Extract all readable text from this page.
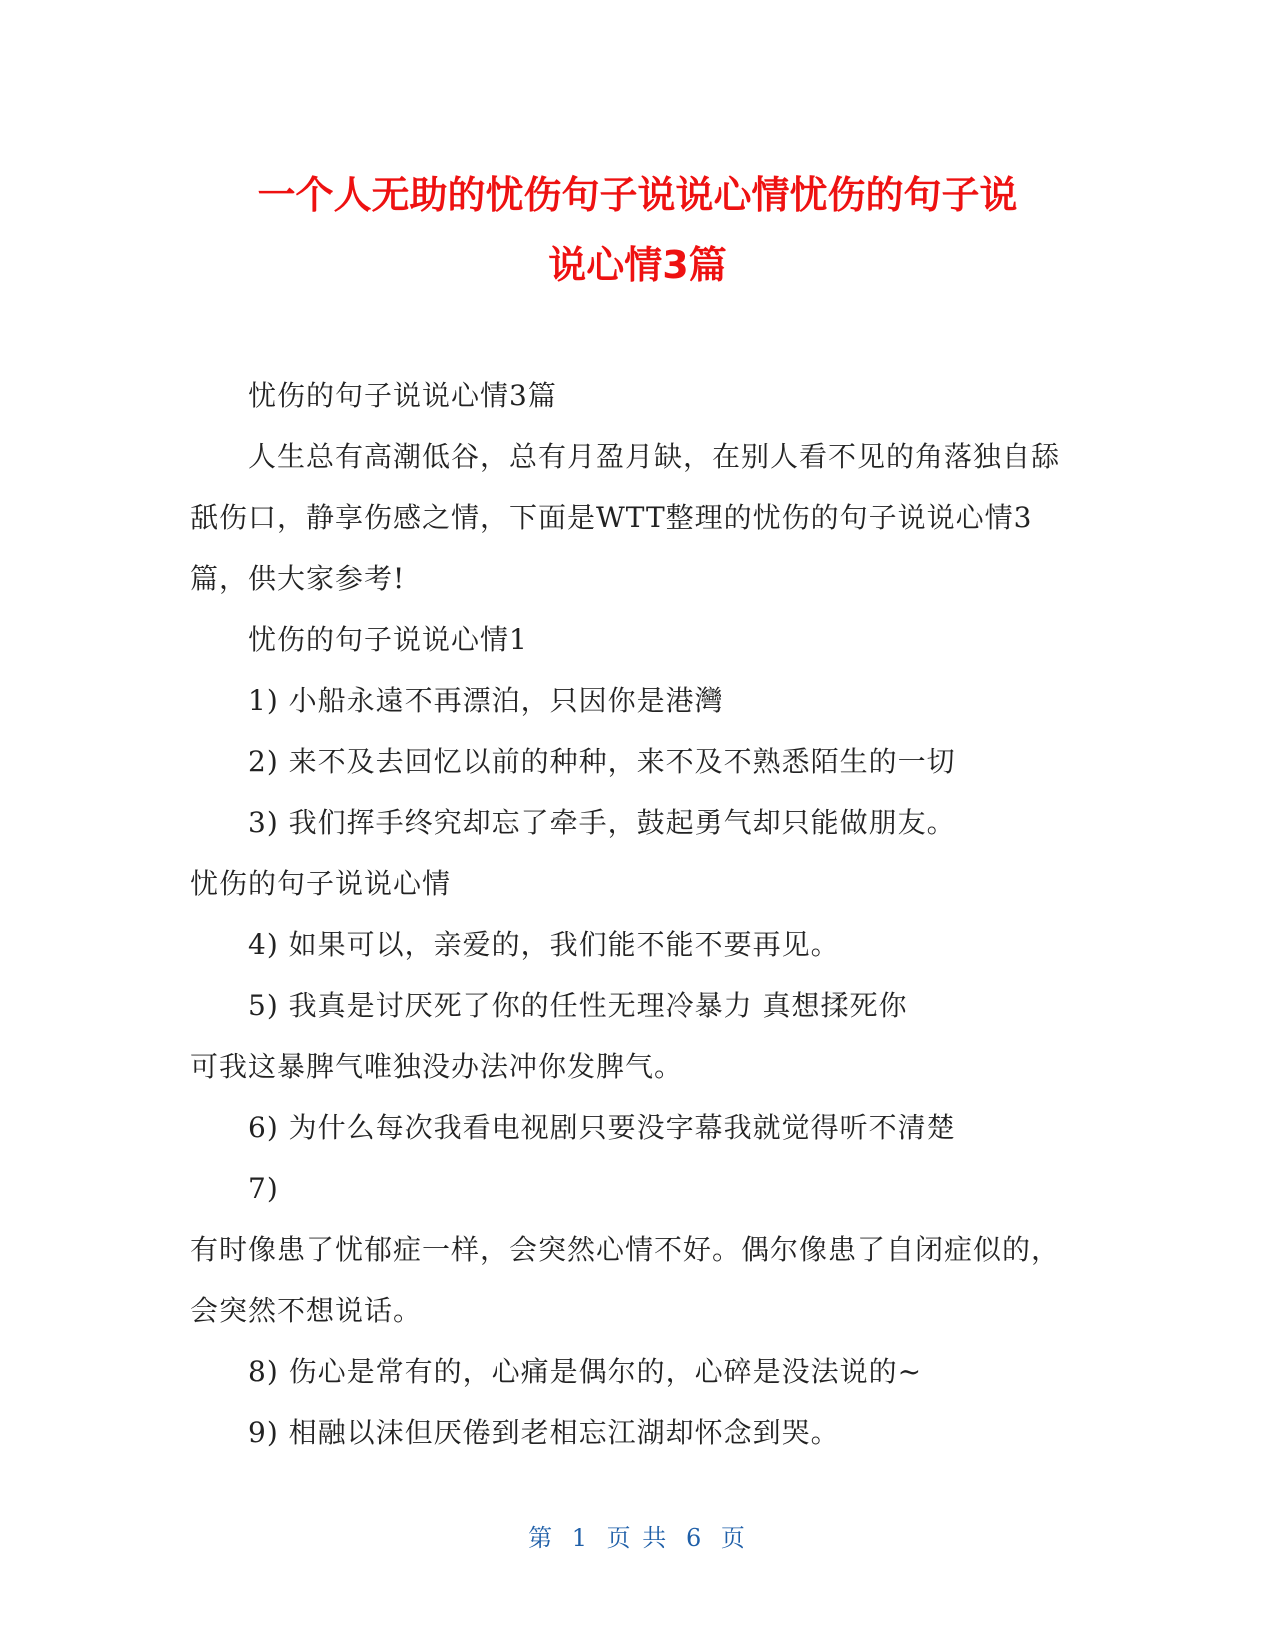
一个人无助的忧伤句子说说心情忧伤的句子说
说心情3篇

忧伤的句子说说心情3篇

人生总有高潮低谷，总有月盈月缺，在别人看不见的角落独自舔舐伤口，静享伤感之情，下面是WTT整理的忧伤的句子说说心情3篇，供大家参考!

忧伤的句子说说心情1

1) 小船永遠不再漂泊，只因你是港灣

2) 来不及去回忆以前的种种，来不及不熟悉陌生的一切

3) 我们挥手终究却忘了牵手，鼓起勇气却只能做朋友。

忧伤的句子说说心情

4) 如果可以，亲爱的，我们能不能不要再见。

5) 我真是讨厌死了你的任性无理冷暴力 真想揉死你

可我这暴脾气唯独没办法冲你发脾气。

6) 为什么每次我看电视剧只要没字幕我就觉得听不清楚

7)

有时像患了忧郁症一样，会突然心情不好。偶尔像患了自闭症似的，会突然不想说话。

8) 伤心是常有的，心痛是偶尔的，心碎是没法说的~

9) 相融以沫但厌倦到老相忘江湖却怀念到哭。

第 1 页 共 6 页
